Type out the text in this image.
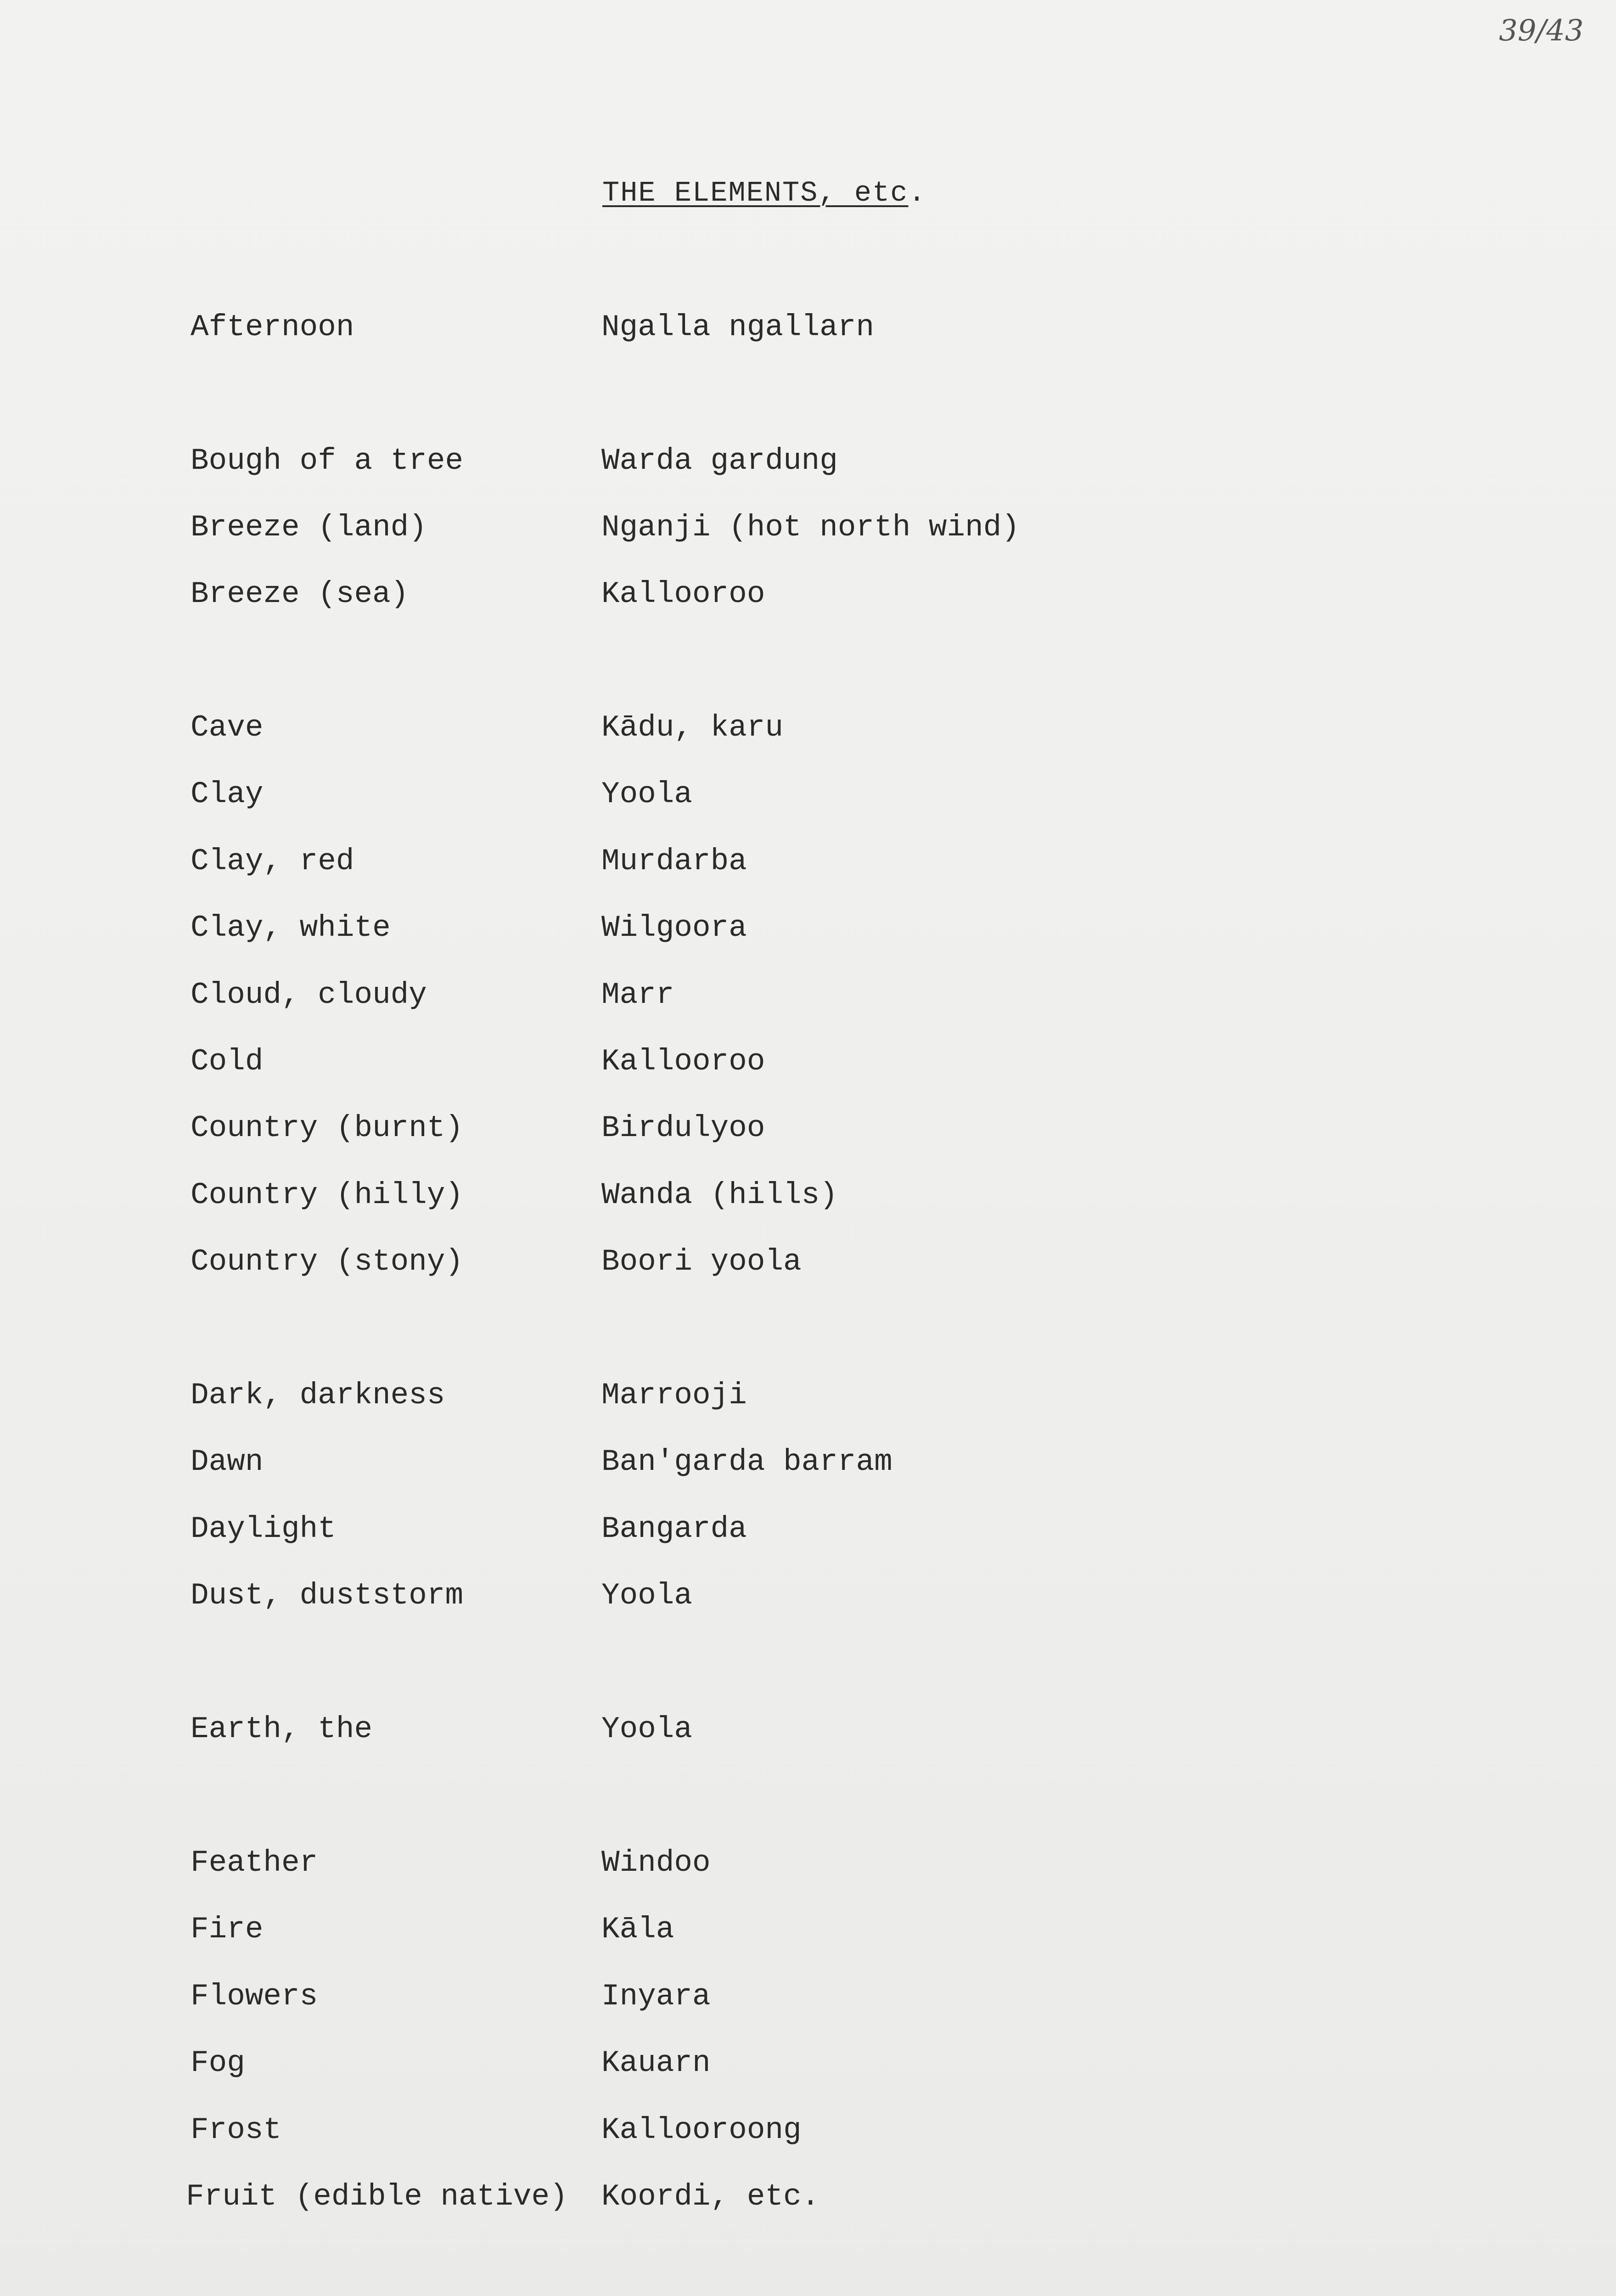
39/43
THE ELEMENTS, etc.
Afternoon	Ngalla ngallarn
Bough of a tree	Warda gardung
Breeze (land)	Nganji (hot north wind)
Breeze (sea)	Kallooroo
Cave	Kādu, karu
Clay	Yoola
Clay, red	Murdarba
Clay, white	Wilgoora
Cloud, cloudy	Marr
Cold	Kallooroo
Country (burnt)	Birdulyoo
Country (hilly)	Wanda (hills)
Country (stony)	Boori yoola
Dark, darkness	Marrooji
Dawn	Ban'garda barram
Daylight	Bangarda
Dust, duststorm	Yoola
Earth, the	Yoola
Feather	Windoo
Fire	Kāla
Flowers	Inyara
Fog	Kauarn
Frost	Kallooroong
Fruit (edible native) Koordi, etc.
